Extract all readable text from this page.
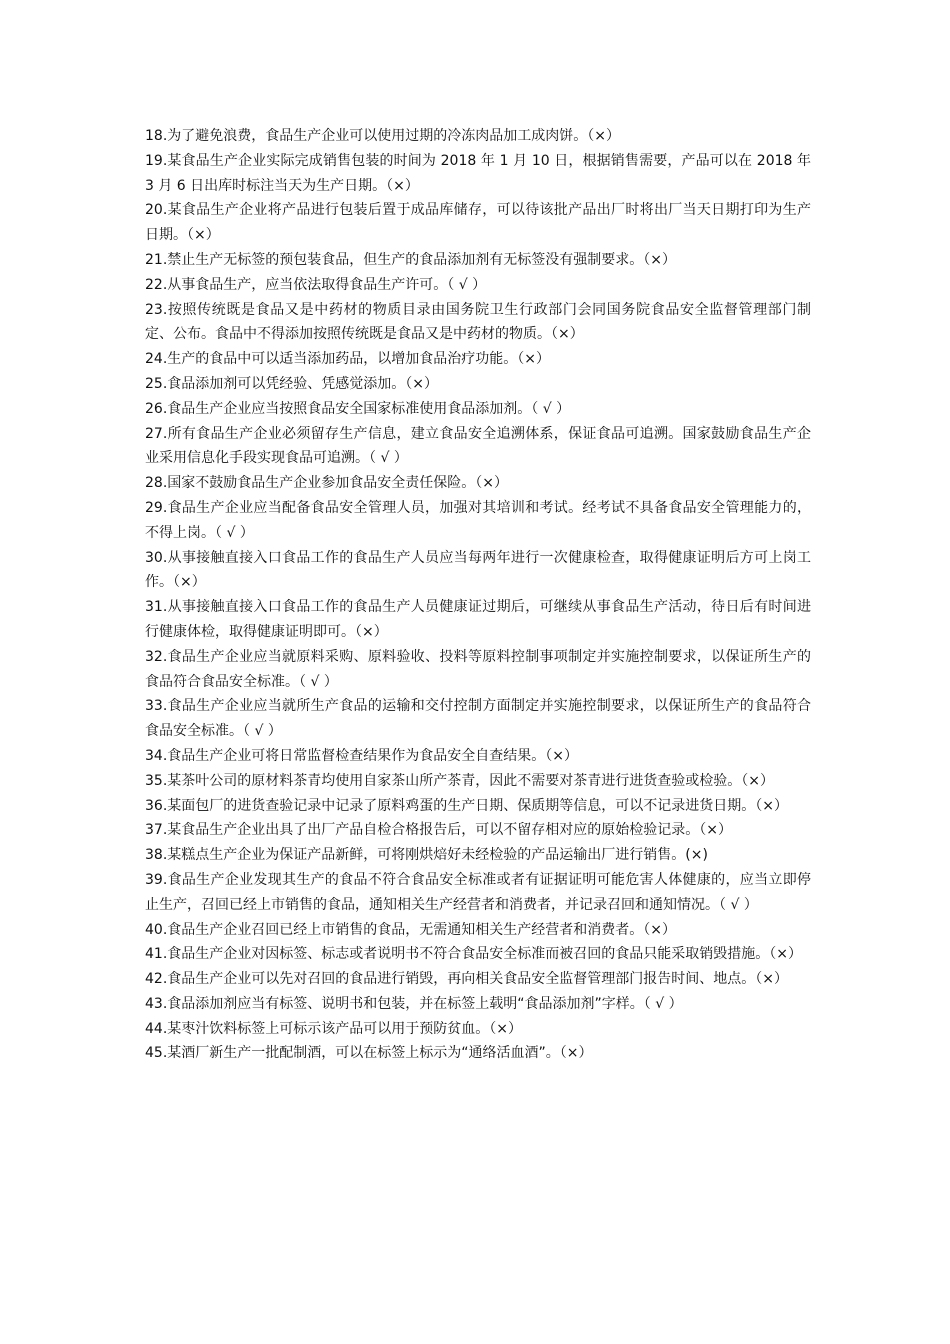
18.为了避免浪费，食品生产企业可以使用过期的冷冻肉品加工成肉饼。（×）

19.某食品生产企业实际完成销售包装的时间为 2018 年 1 月 10 日，根据销售需要，产品可以在 2018 年 3 月 6 日出库时标注当天为生产日期。（×）

20.某食品生产企业将产品进行包装后置于成品库储存，可以待该批产品出厂时将出厂当天日期打印为生产日期。（×）

21.禁止生产无标签的预包装食品，但生产的食品添加剂有无标签没有强制要求。（×）

22.从事食品生产，应当依法取得食品生产许可。（ √ ）

23.按照传统既是食品又是中药材的物质目录由国务院卫生行政部门会同国务院食品安全监督管理部门制定、公布。食品中不得添加按照传统既是食品又是中药材的物质。（×）

24.生产的食品中可以适当添加药品，以增加食品治疗功能。（×）

25.食品添加剂可以凭经验、凭感觉添加。（×）

26.食品生产企业应当按照食品安全国家标准使用食品添加剂。（ √ ）

27.所有食品生产企业必须留存生产信息，建立食品安全追溯体系，保证食品可追溯。国家鼓励食品生产企业采用信息化手段实现食品可追溯。（ √ ）

28.国家不鼓励食品生产企业参加食品安全责任保险。（×）

29.食品生产企业应当配备食品安全管理人员，加强对其培训和考试。经考试不具备食品安全管理能力的，不得上岗。（ √ ）

30.从事接触直接入口食品工作的食品生产人员应当每两年进行一次健康检查，取得健康证明后方可上岗工作。（×）

31.从事接触直接入口食品工作的食品生产人员健康证过期后，可继续从事食品生产活动，待日后有时间进行健康体检，取得健康证明即可。（×）

32.食品生产企业应当就原料采购、原料验收、投料等原料控制事项制定并实施控制要求，以保证所生产的食品符合食品安全标准。（ √ ）

33.食品生产企业应当就所生产食品的运输和交付控制方面制定并实施控制要求，以保证所生产的食品符合食品安全标准。（ √ ）

34.食品生产企业可将日常监督检查结果作为食品安全自查结果。（×）

35.某茶叶公司的原材料茶青均使用自家茶山所产茶青，因此不需要对茶青进行进货查验或检验。（×）

36.某面包厂的进货查验记录中记录了原料鸡蛋的生产日期、保质期等信息，可以不记录进货日期。（×）

37.某食品生产企业出具了出厂产品自检合格报告后，可以不留存相对应的原始检验记录。（×）

38.某糕点生产企业为保证产品新鲜，可将刚烘焙好未经检验的产品运输出厂进行销售。(×)

39.食品生产企业发现其生产的食品不符合食品安全标准或者有证据证明可能危害人体健康的，应当立即停止生产，召回已经上市销售的食品，通知相关生产经营者和消费者，并记录召回和通知情况。（ √ ）

40.食品生产企业召回已经上市销售的食品，无需通知相关生产经营者和消费者。（×）

41.食品生产企业对因标签、标志或者说明书不符合食品安全标准而被召回的食品只能采取销毁措施。（×）

42.食品生产企业可以先对召回的食品进行销毁，再向相关食品安全监督管理部门报告时间、地点。（×）

43.食品添加剂应当有标签、说明书和包装，并在标签上载明“食品添加剂”字样。（ √ ）

44.某枣汁饮料标签上可标示该产品可以用于预防贫血。（×）

45.某酒厂新生产一批配制酒，可以在标签上标示为“通络活血酒”。（×）
